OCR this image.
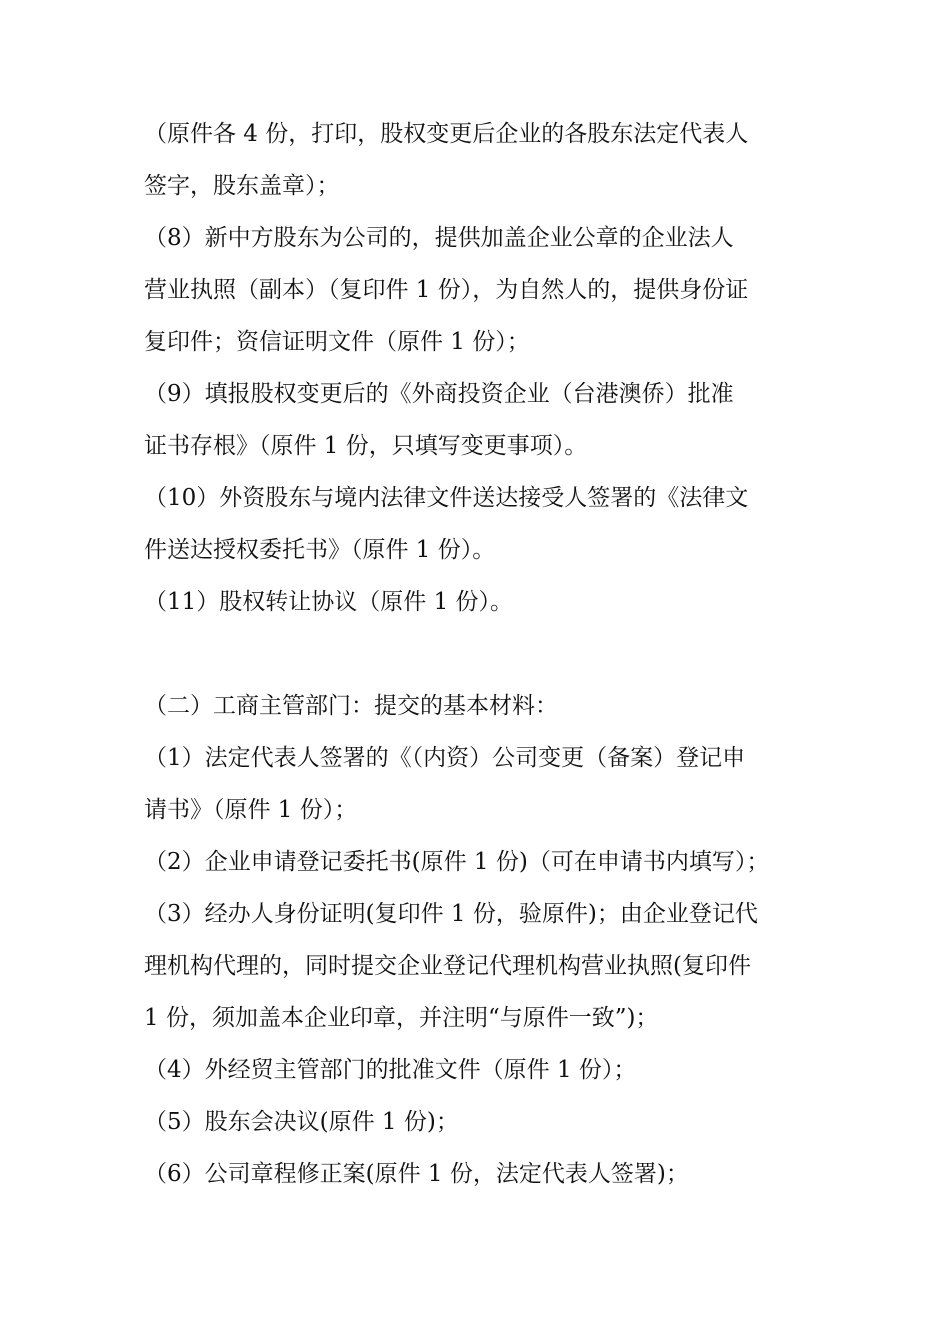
（原件各 4 份，打印，股权变更后企业的各股东法定代表人
签字，股东盖章）；
（8）新中方股东为公司的，提供加盖企业公章的企业法人
营业执照（副本）（复印件 1 份），为自然人的，提供身份证
复印件；资信证明文件（原件 1 份）；
（9）填报股权变更后的《外商投资企业（台港澳侨）批准
证书存根》（原件 1 份，只填写变更事项）。
（10）外资股东与境内法律文件送达接受人签署的《法律文
件送达授权委托书》（原件 1 份）。
（11）股权转让协议（原件 1 份）。
（二）工商主管部门：提交的基本材料：
（1）法定代表人签署的《（内资）公司变更（备案）登记申
请书》（原件 1 份）；
（2）企业申请登记委托书(原件 1 份)（可在申请书内填写）；
（3）经办人身份证明(复印件 1 份，验原件)；由企业登记代
理机构代理的，同时提交企业登记代理机构营业执照(复印件
1 份，须加盖本企业印章，并注明“与原件一致”)；
（4）外经贸主管部门的批准文件（原件 1 份）；
（5）股东会决议(原件 1 份)；
（6）公司章程修正案(原件 1 份，法定代表人签署)；
